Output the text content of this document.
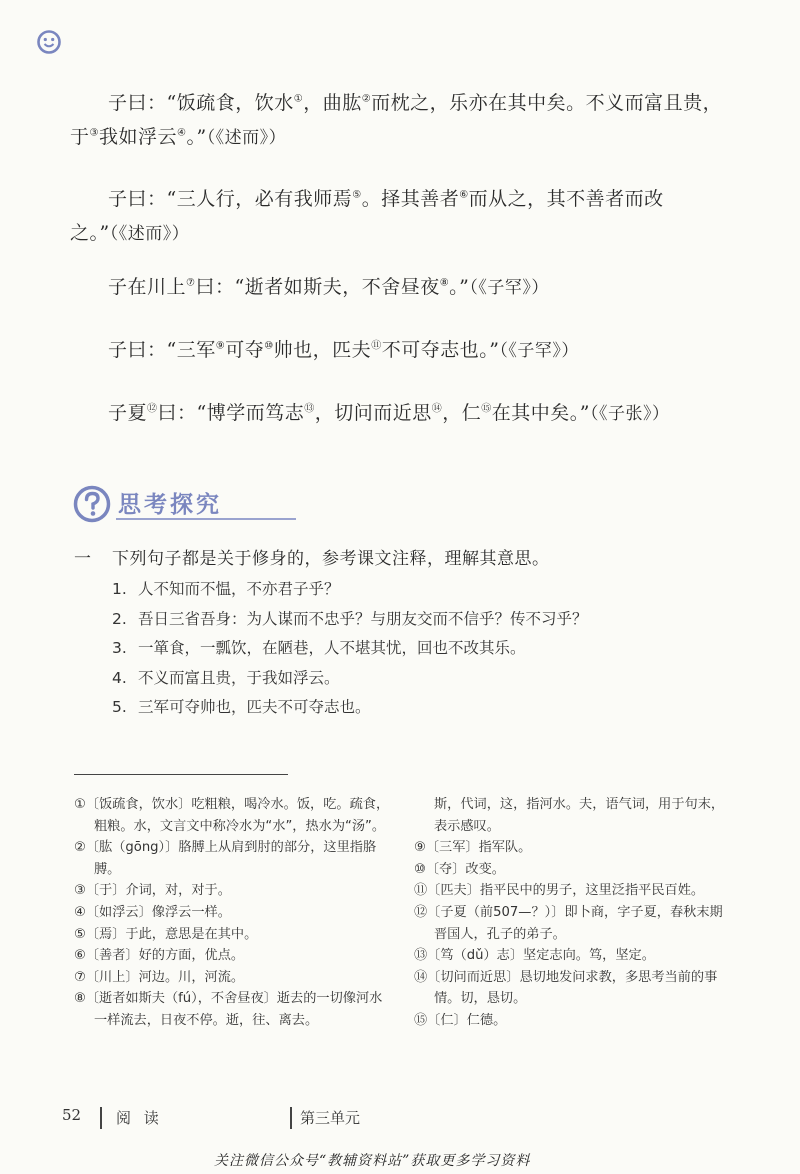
子曰：“饭疏食，饮水①，曲肱②而枕之，乐亦在其中矣。不义而富且贵，于③我如浮云④。”（《述而》）
子曰：“三人行，必有我师焉⑤。择其善者⑥而从之，其不善者而改之。”（《述而》）
子在川上⑦曰：“逝者如斯夫，不舍昼夜⑧。”（《子罕》）
子曰：“三军⑨可夺⑩帅也，匹夫⑪不可夺志也。”（《子罕》）
子夏⑫曰：“博学而笃志⑬，切问而近思⑭，仁⑮在其中矣。”（《子张》）
思考探究
一 下列句子都是关于修身的，参考课文注释，理解其意思。
1. 人不知而不愠，不亦君子乎？
2. 吾日三省吾身：为人谋而不忠乎？与朋友交而不信乎？传不习乎？
3. 一箪食，一瓢饮，在陋巷，人不堪其忧，回也不改其乐。
4. 不义而富且贵，于我如浮云。
5. 三军可夺帅也，匹夫不可夺志也。

①〔饭疏食，饮水〕吃粗粮，喝冷水。饭，吃。疏食，粗粮。水，文言文中称冷水为“水”，热水为“汤”。

②〔肱（gōng）〕胳膊上从肩到肘的部分，这里指胳膊。

③〔于〕介词，对，对于。

④〔如浮云〕像浮云一样。

⑤〔焉〕于此，意思是在其中。

⑥〔善者〕好的方面，优点。

⑦〔川上〕河边。川，河流。

⑧〔逝者如斯夫（fú），不舍昼夜〕逝去的一切像河水一样流去，日夜不停。逝，往、离去。

斯，代词，这，指河水。夫，语气词，用于句末，表示感叹。

⑨〔三军〕指军队。

⑩〔夺〕改变。

⑪〔匹夫〕指平民中的男子，这里泛指平民百姓。

⑫〔子夏（前507—？）〕即卜商，字子夏，春秋末期晋国人，孔子的弟子。

⑬〔笃（dǔ）志〕坚定志向。笃，坚定。

⑭〔切问而近思〕恳切地发问求教，多思考当前的事情。切，恳切。

⑮〔仁〕仁德。

52 阅 读	第三单元
关注微信公众号“教辅资料站”获取更多学习资料
